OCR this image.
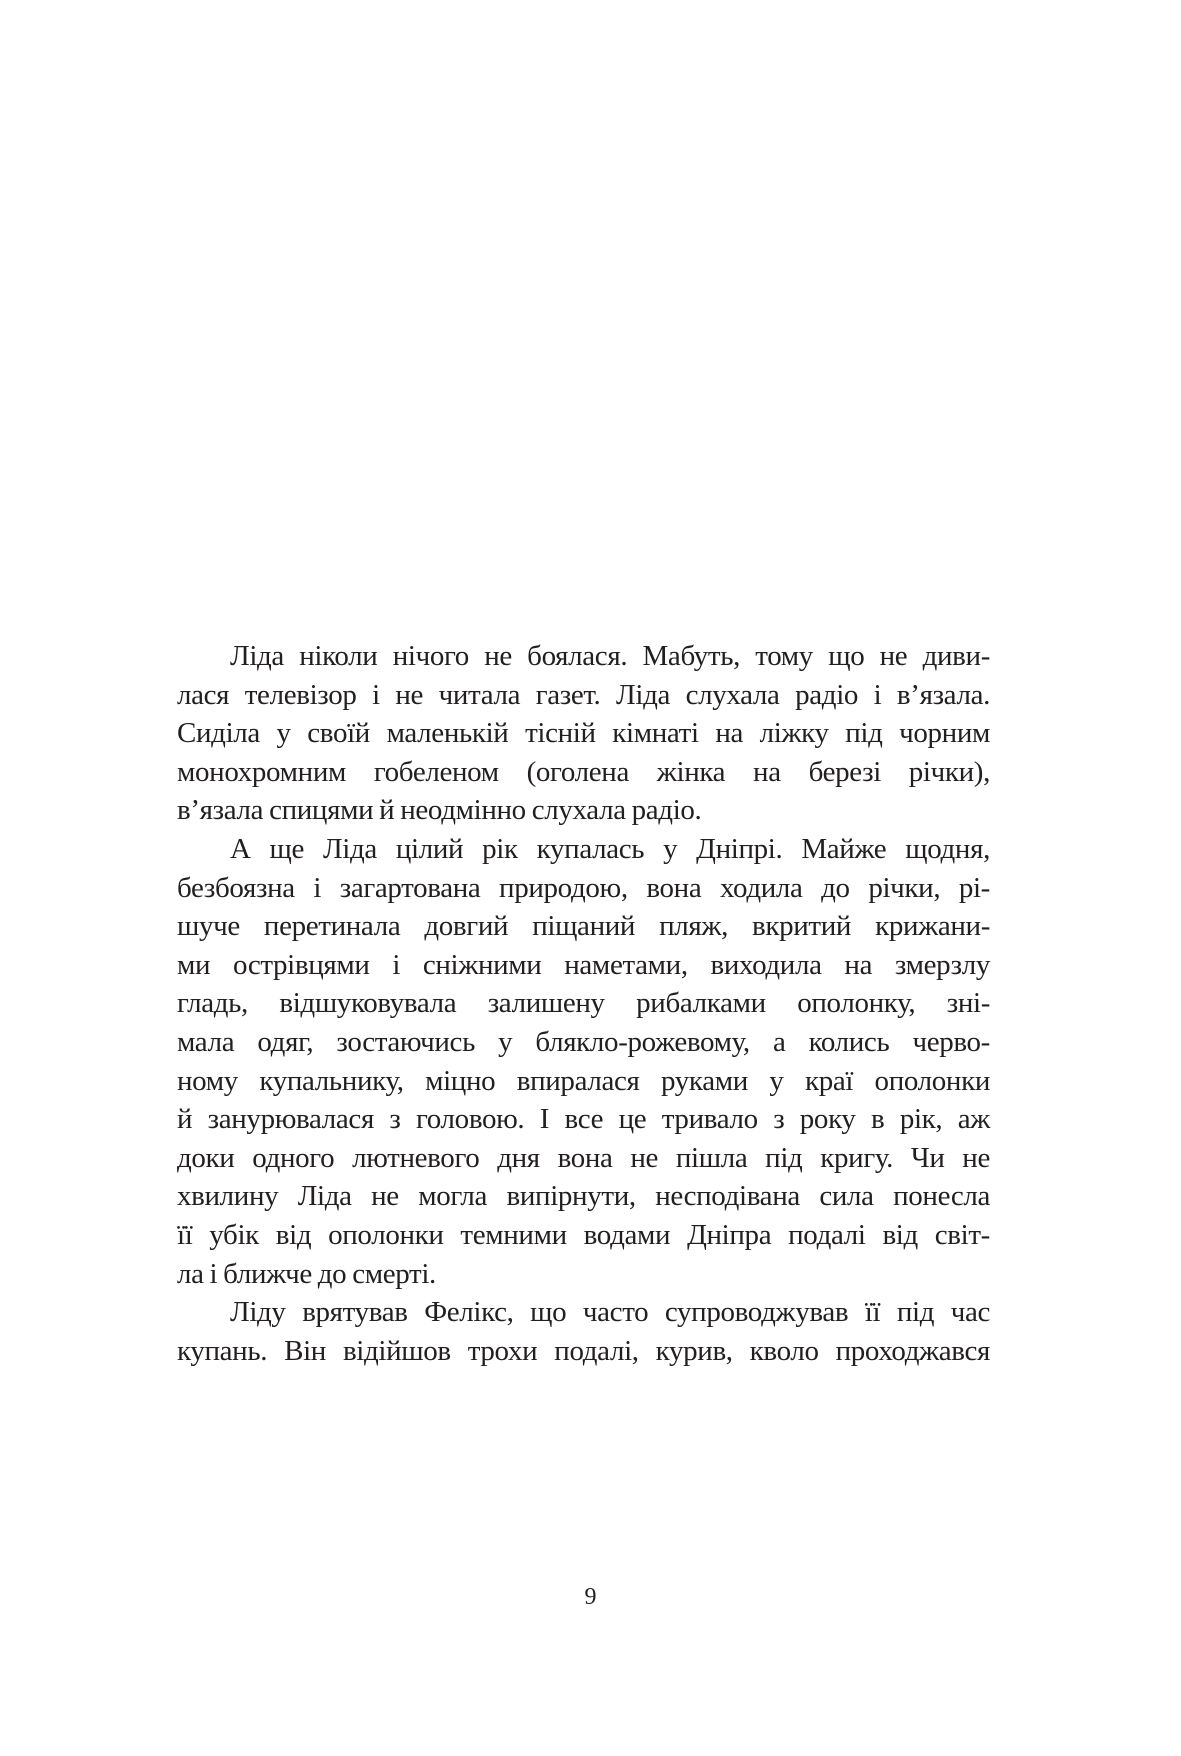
Ліда ніколи нічого не боялася. Мабуть, тому що не диви-
лася телевізор і не читала газет. Ліда слухала радіо і в’язала.
Сиділа у своїй маленькій тісній кімнаті на ліжку під чорним
монохромним гобеленом (оголена жінка на березі річки),
в’язала спицями й неодмінно слухала радіо.
А ще Ліда цілий рік купалась у Дніпрі. Майже щодня,
безбоязна і загартована природою, вона ходила до річки, рі-
шуче перетинала довгий піщаний пляж, вкритий крижани-
ми острівцями і сніжними наметами, виходила на змерзлу
гладь, відшуковувала залишену рибалками ополонку, зні-
мала одяг, зостаючись у блякло-рожевому, а колись черво-
ному купальнику, міцно впиралася руками у краї ополонки
й занурювалася з головою. І все це тривало з року в рік, аж
доки одного лютневого дня вона не пішла під кригу. Чи не
хвилину Ліда не могла випірнути, несподівана сила понесла
її убік від ополонки темними водами Дніпра подалі від світ-
ла і ближче до смерті.
Ліду врятував Фелікс, що часто супроводжував її під час
купань. Він відійшов трохи подалі, курив, кволо проходжався
9
